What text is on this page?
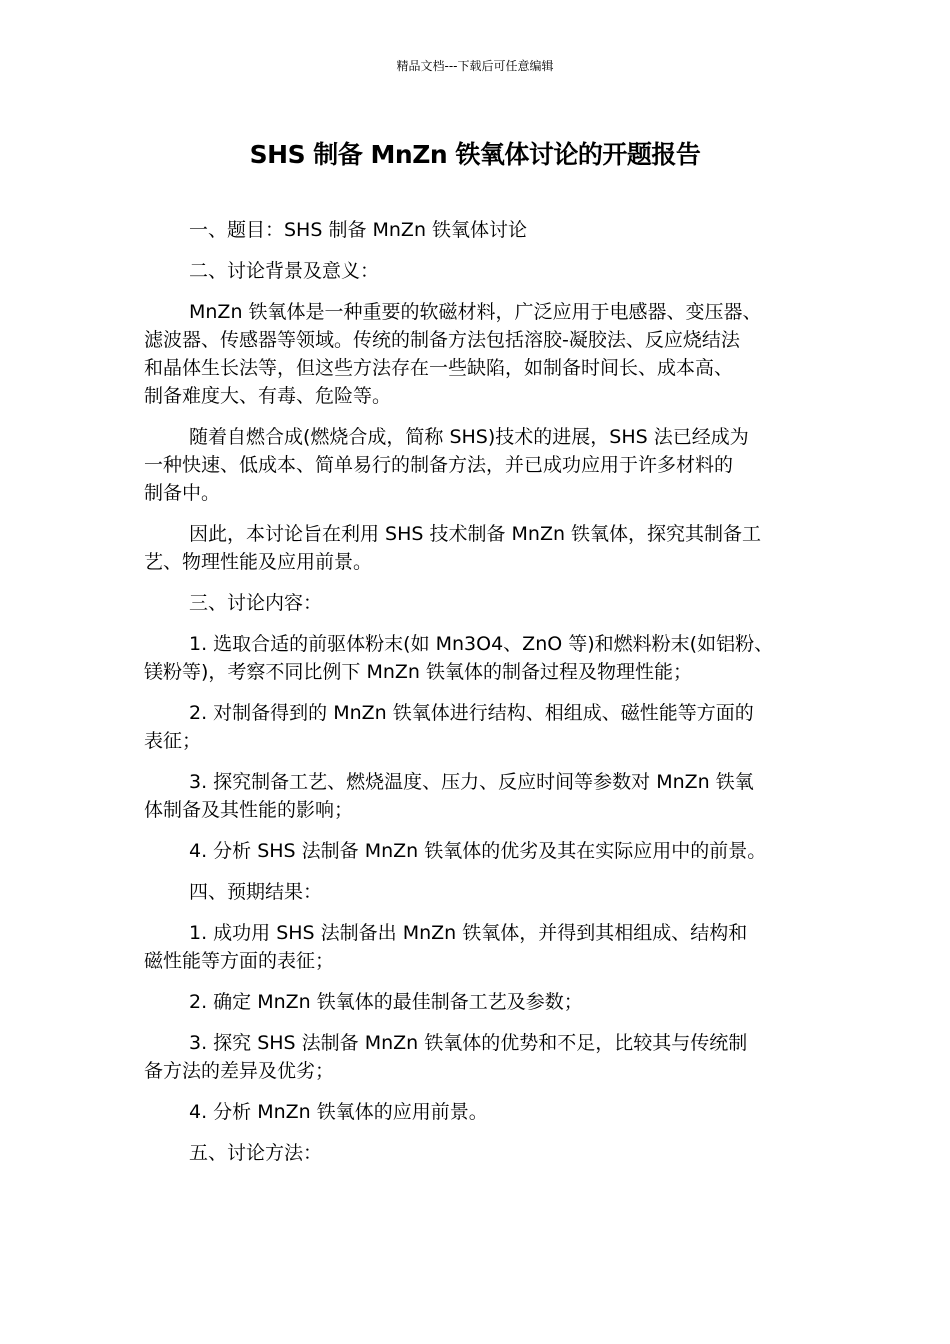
精品文档---下载后可任意编辑
SHS 制备 MnZn 铁氧体讨论的开题报告

一、题目：SHS 制备 MnZn 铁氧体讨论

二、讨论背景及意义：

MnZn 铁氧体是一种重要的软磁材料，广泛应用于电感器、变压器、
滤波器、传感器等领域。传统的制备方法包括溶胶-凝胶法、反应烧结法
和晶体生长法等，但这些方法存在一些缺陷，如制备时间长、成本高、
制备难度大、有毒、危险等。

随着自燃合成(燃烧合成，简称 SHS)技术的进展，SHS 法已经成为
一种快速、低成本、简单易行的制备方法，并已成功应用于许多材料的
制备中。

因此，本讨论旨在利用 SHS 技术制备 MnZn 铁氧体，探究其制备工
艺、物理性能及应用前景。

三、讨论内容：

1. 选取合适的前驱体粉末(如 Mn3O4、ZnO 等)和燃料粉末(如铝粉、
镁粉等)，考察不同比例下 MnZn 铁氧体的制备过程及物理性能；

2. 对制备得到的 MnZn 铁氧体进行结构、相组成、磁性能等方面的
表征；

3. 探究制备工艺、燃烧温度、压力、反应时间等参数对 MnZn 铁氧
体制备及其性能的影响；

4. 分析 SHS 法制备 MnZn 铁氧体的优劣及其在实际应用中的前景。

四、预期结果：

1. 成功用 SHS 法制备出 MnZn 铁氧体，并得到其相组成、结构和
磁性能等方面的表征；

2. 确定 MnZn 铁氧体的最佳制备工艺及参数；

3. 探究 SHS 法制备 MnZn 铁氧体的优势和不足，比较其与传统制
备方法的差异及优劣；

4. 分析 MnZn 铁氧体的应用前景。

五、讨论方法：
